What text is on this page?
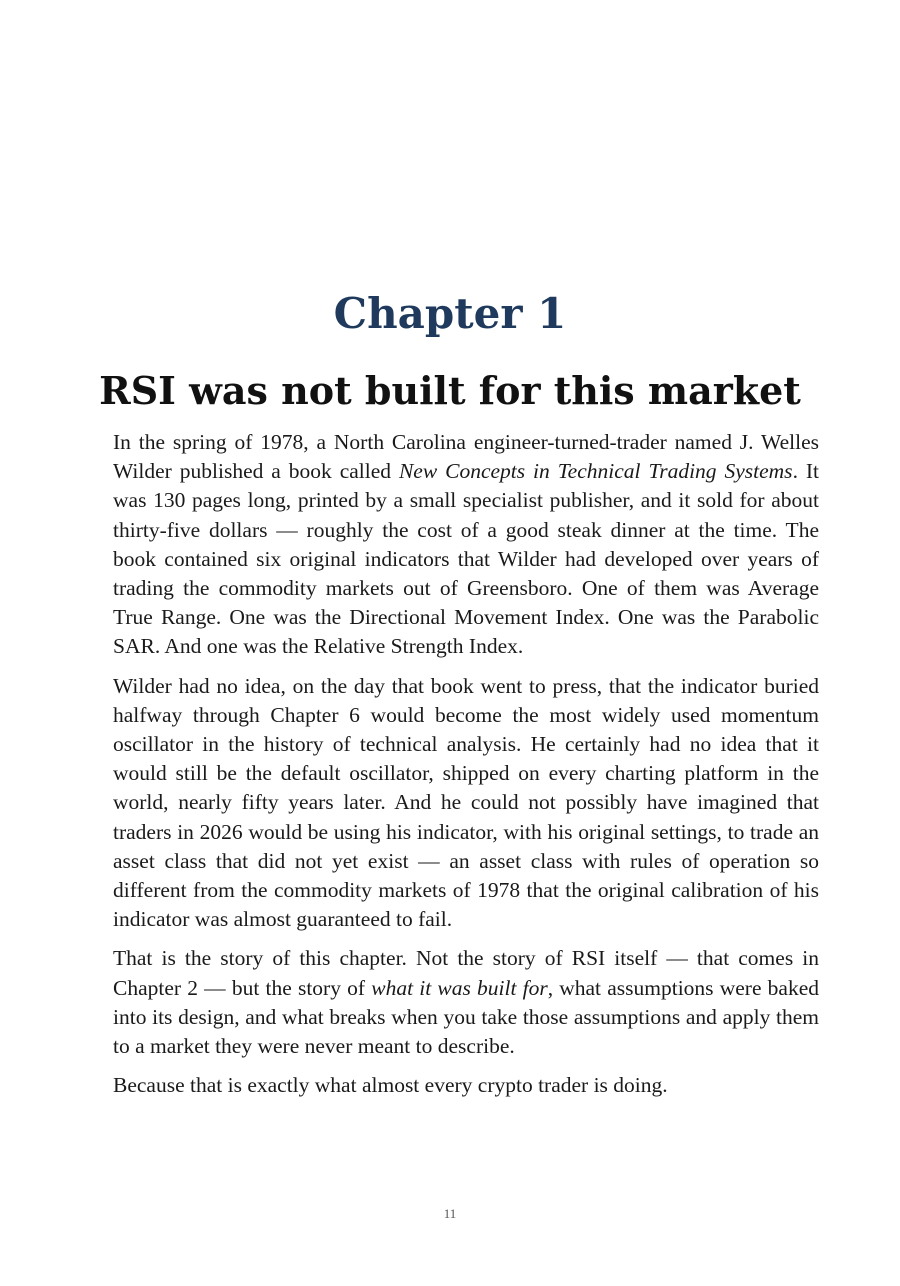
Chapter 1
RSI was not built for this market

In the spring of 1978, a North Carolina engineer-turned-trader named J. Welles Wilder published a book called New Concepts in Technical Trading Systems. It was 130 pages long, printed by a small specialist publisher, and it sold for about thirty-five dollars — roughly the cost of a good steak dinner at the time. The book contained six original indicators that Wilder had developed over years of trading the commodity markets out of Greensboro. One of them was Average True Range. One was the Directional Movement Index. One was the Parabolic SAR. And one was the Relative Strength Index.

Wilder had no idea, on the day that book went to press, that the indicator buried halfway through Chapter 6 would become the most widely used momentum oscillator in the history of technical analysis. He certainly had no idea that it would still be the default oscillator, shipped on every charting platform in the world, nearly fifty years later. And he could not possibly have imagined that traders in 2026 would be using his indicator, with his original settings, to trade an asset class that did not yet exist — an asset class with rules of operation so different from the commodity markets of 1978 that the original calibration of his indicator was almost guaranteed to fail.

That is the story of this chapter. Not the story of RSI itself — that comes in Chapter 2 — but the story of what it was built for, what assumptions were baked into its design, and what breaks when you take those assumptions and apply them to a market they were never meant to describe.

Because that is exactly what almost every crypto trader is doing.

11
